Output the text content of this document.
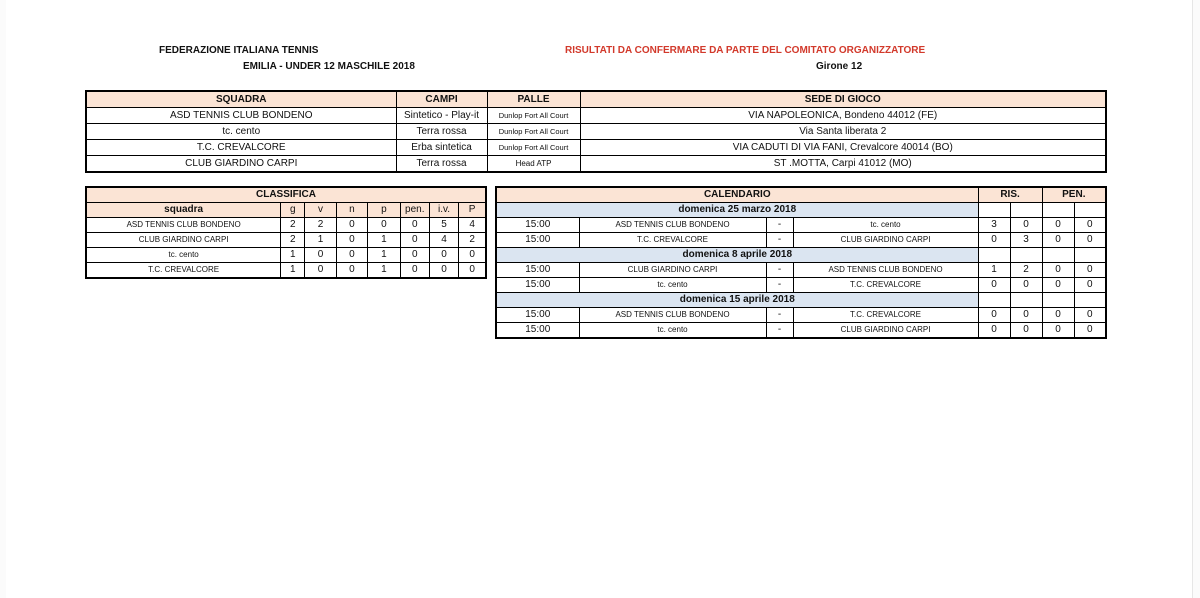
FEDERAZIONE ITALIANA TENNIS
EMILIA - UNDER 12 MASCHILE 2018
RISULTATI DA CONFERMARE DA PARTE DEL COMITATO ORGANIZZATORE
Girone 12
SQUADRA	CAMPI	PALLE	SEDE DI GIOCO
ASD TENNIS CLUB BONDENO	Sintetico - Play-it	Dunlop Fort All Court	VIA NAPOLEONICA, Bondeno 44012 (FE)
tc. cento	Terra rossa	Dunlop Fort All Court	Via Santa liberata 2
T.C. CREVALCORE	Erba sintetica	Dunlop Fort All Court	VIA CADUTI DI VIA FANI, Crevalcore 40014 (BO)
CLUB GIARDINO CARPI	Terra rossa	Head ATP	ST .MOTTA, Carpi 41012 (MO)
CLASSIFICA							
squadra	g	v	n	p	pen.	i.v.	P
ASD TENNIS CLUB BONDENO	2	2	0	0	0	5	4
CLUB GIARDINO CARPI	2	1	0	1	0	4	2
tc. cento	1	0	0	1	0	0	0
T.C. CREVALCORE	1	0	0	1	0	0	0
CALENDARIO				RIS.		PEN.	
domenica 25 marzo 2018							
15:00	ASD TENNIS CLUB BONDENO	-	tc. cento	3	0	0	0
15:00	T.C. CREVALCORE	-	CLUB GIARDINO CARPI	0	3	0	0
domenica 8 aprile 2018							
15:00	CLUB GIARDINO CARPI	-	ASD TENNIS CLUB BONDENO	1	2	0	0
15:00	tc. cento	-	T.C. CREVALCORE	0	0	0	0
domenica 15 aprile 2018							
15:00	ASD TENNIS CLUB BONDENO	-	T.C. CREVALCORE	0	0	0	0
15:00	tc. cento	-	CLUB GIARDINO CARPI	0	0	0	0
